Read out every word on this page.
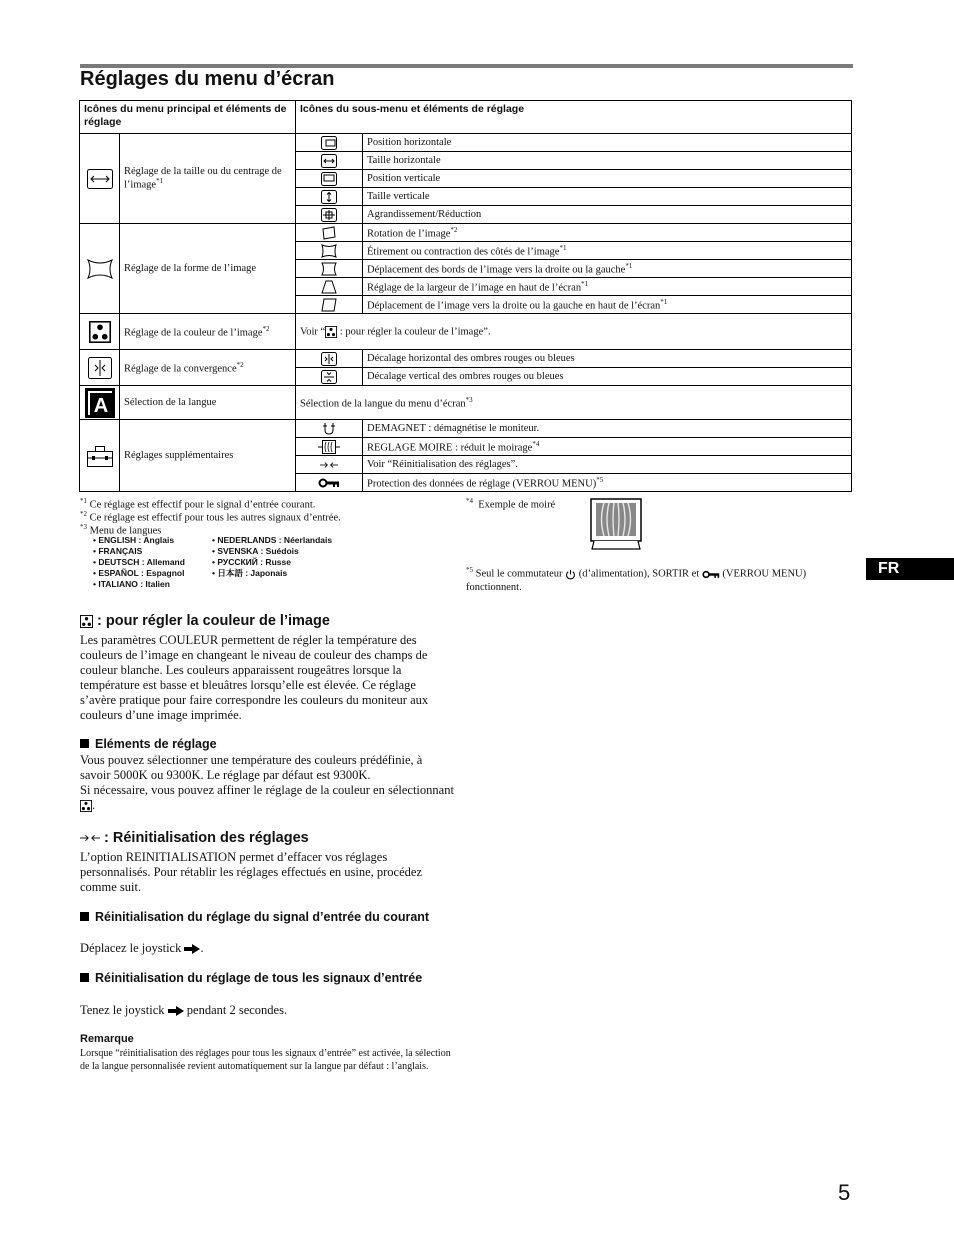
Réglages du menu d’écran
Icônes du menu principal et éléments de réglage		Icônes du sous-menu et éléments de réglage	
	Réglage de la taille ou du centrage de l’image$^{*1}$		Position horizontale
	Taille horizontale
	Position verticale
	Taille verticale
	Agrandissement/Réduction
	Réglage de la forme de l’image		Rotation de l’image$^{*2}$
	Étirement ou contraction des côtés de l’image$^{*1}$
	Déplacement des bords de l’image vers la droite ou la gauche$^{*1}$
	Réglage de la largeur de l’image en haut de l’écran$^{*1}$
	Déplacement de l’image vers la droite ou la gauche en haut de l’écran$^{*1}$
	Réglage de la couleur de l’image$^{*2}$	Voir “ : pour régler la couleur de l’image”.	
	Réglage de la convergence$^{*2}$		Décalage horizontal des ombres rouges ou bleues
	Décalage vertical des ombres rouges ou bleues

A	Sélection de la langue	Sélection de la langue du menu d’écran$^{*3}$
	Réglages supplémentaires		DEMAGNET : démagnétise le moniteur.
	REGLAGE MOIRE : réduit le moirage$^{*4}$
	Voir “Réinitialisation des réglages”.
	Protection des données de réglage (VERROU MENU)$^{*5}$
$^{*1}$ Ce réglage est effectif pour le signal d’entrée courant.
$^{*2}$ Ce réglage est effectif pour tous les autres signaux d’entrée.
$^{*3}$ Menu de langues
• ENGLISH : Anglais
• FRANÇAIS
• DEUTSCH : Allemand
• ESPAÑOL : Espagnol
• ITALIANO : Italien
• NEDERLANDS : Néerlandais
• SVENSKA : Suédois
• РУССКИЙ : Russe
• 日本語 : Japonais
$^{*4}$ Exemple de moiré
$^{*5}$ Seul le commutateur (d’alimentation), SORTIR et (VERROU MENU) fonctionnent.
FR
: pour régler la couleur de l’image
Les paramètres COULEUR permettent de régler la température des couleurs de l’image en changeant le niveau de couleur des champs de couleur blanche. Les couleurs apparaissent rougeâtres lorsque la température est basse et bleuâtres lorsqu’elle est élevée. Ce réglage s’avère pratique pour faire correspondre les couleurs du moniteur aux couleurs d’une image imprimée.
Eléments de réglage
Vous pouvez sélectionner une température des couleurs prédéfinie, à savoir 5000K ou 9300K. Le réglage par défaut est 9300K.
Si nécessaire, vous pouvez affiner le réglage de la couleur en sélectionnant .
: Réinitialisation des réglages
L’option REINITIALISATION permet d’effacer vos réglages personnalisés. Pour rétablir les réglages effectués en usine, procédez comme suit.
Réinitialisation du réglage du signal d’entrée du courant
Déplacez le joystick .
Réinitialisation du réglage de tous les signaux d’entrée
Tenez le joystick pendant 2 secondes.
Remarque
Lorsque “réinitialisation des réglages pour tous les signaux d’entrée” est activée, la sélection de la langue personnalisée revient automatiquement sur la langue par défaut : l’anglais.
5
